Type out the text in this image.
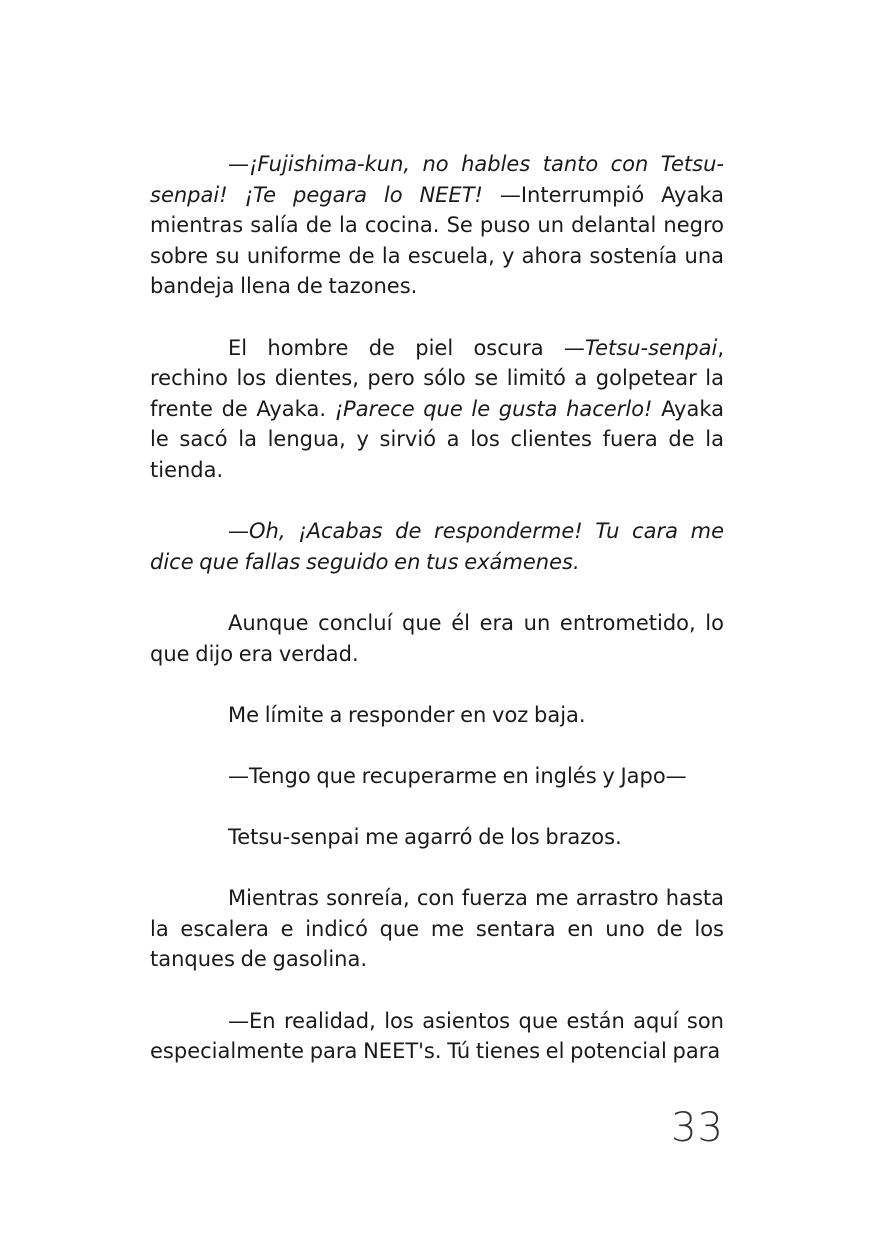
—¡Fujishima-kun, no hables tanto con Tetsu-senpai! ¡Te pegara lo NEET! —Interrumpió Ayaka mientras salía de la cocina. Se puso un delantal negro sobre su uniforme de la escuela, y ahora sostenía una bandeja llena de tazones.

El hombre de piel oscura —Tetsu-senpai, rechino los dientes, pero sólo se limitó a golpetear la frente de Ayaka. ¡Parece que le gusta hacerlo! Ayaka le sacó la lengua, y sirvió a los clientes fuera de la tienda.

—Oh, ¡Acabas de responderme! Tu cara me dice que fallas seguido en tus exámenes.

Aunque concluí que él era un entrometido, lo que dijo era verdad.

Me límite a responder en voz baja.

—Tengo que recuperarme en inglés y Japo—

Tetsu-senpai me agarró de los brazos.

Mientras sonreía, con fuerza me arrastro hasta la escalera e indicó que me sentara en uno de los tanques de gasolina.

—En realidad, los asientos que están aquí son especialmente para NEET's. Tú tienes el potencial para

33
